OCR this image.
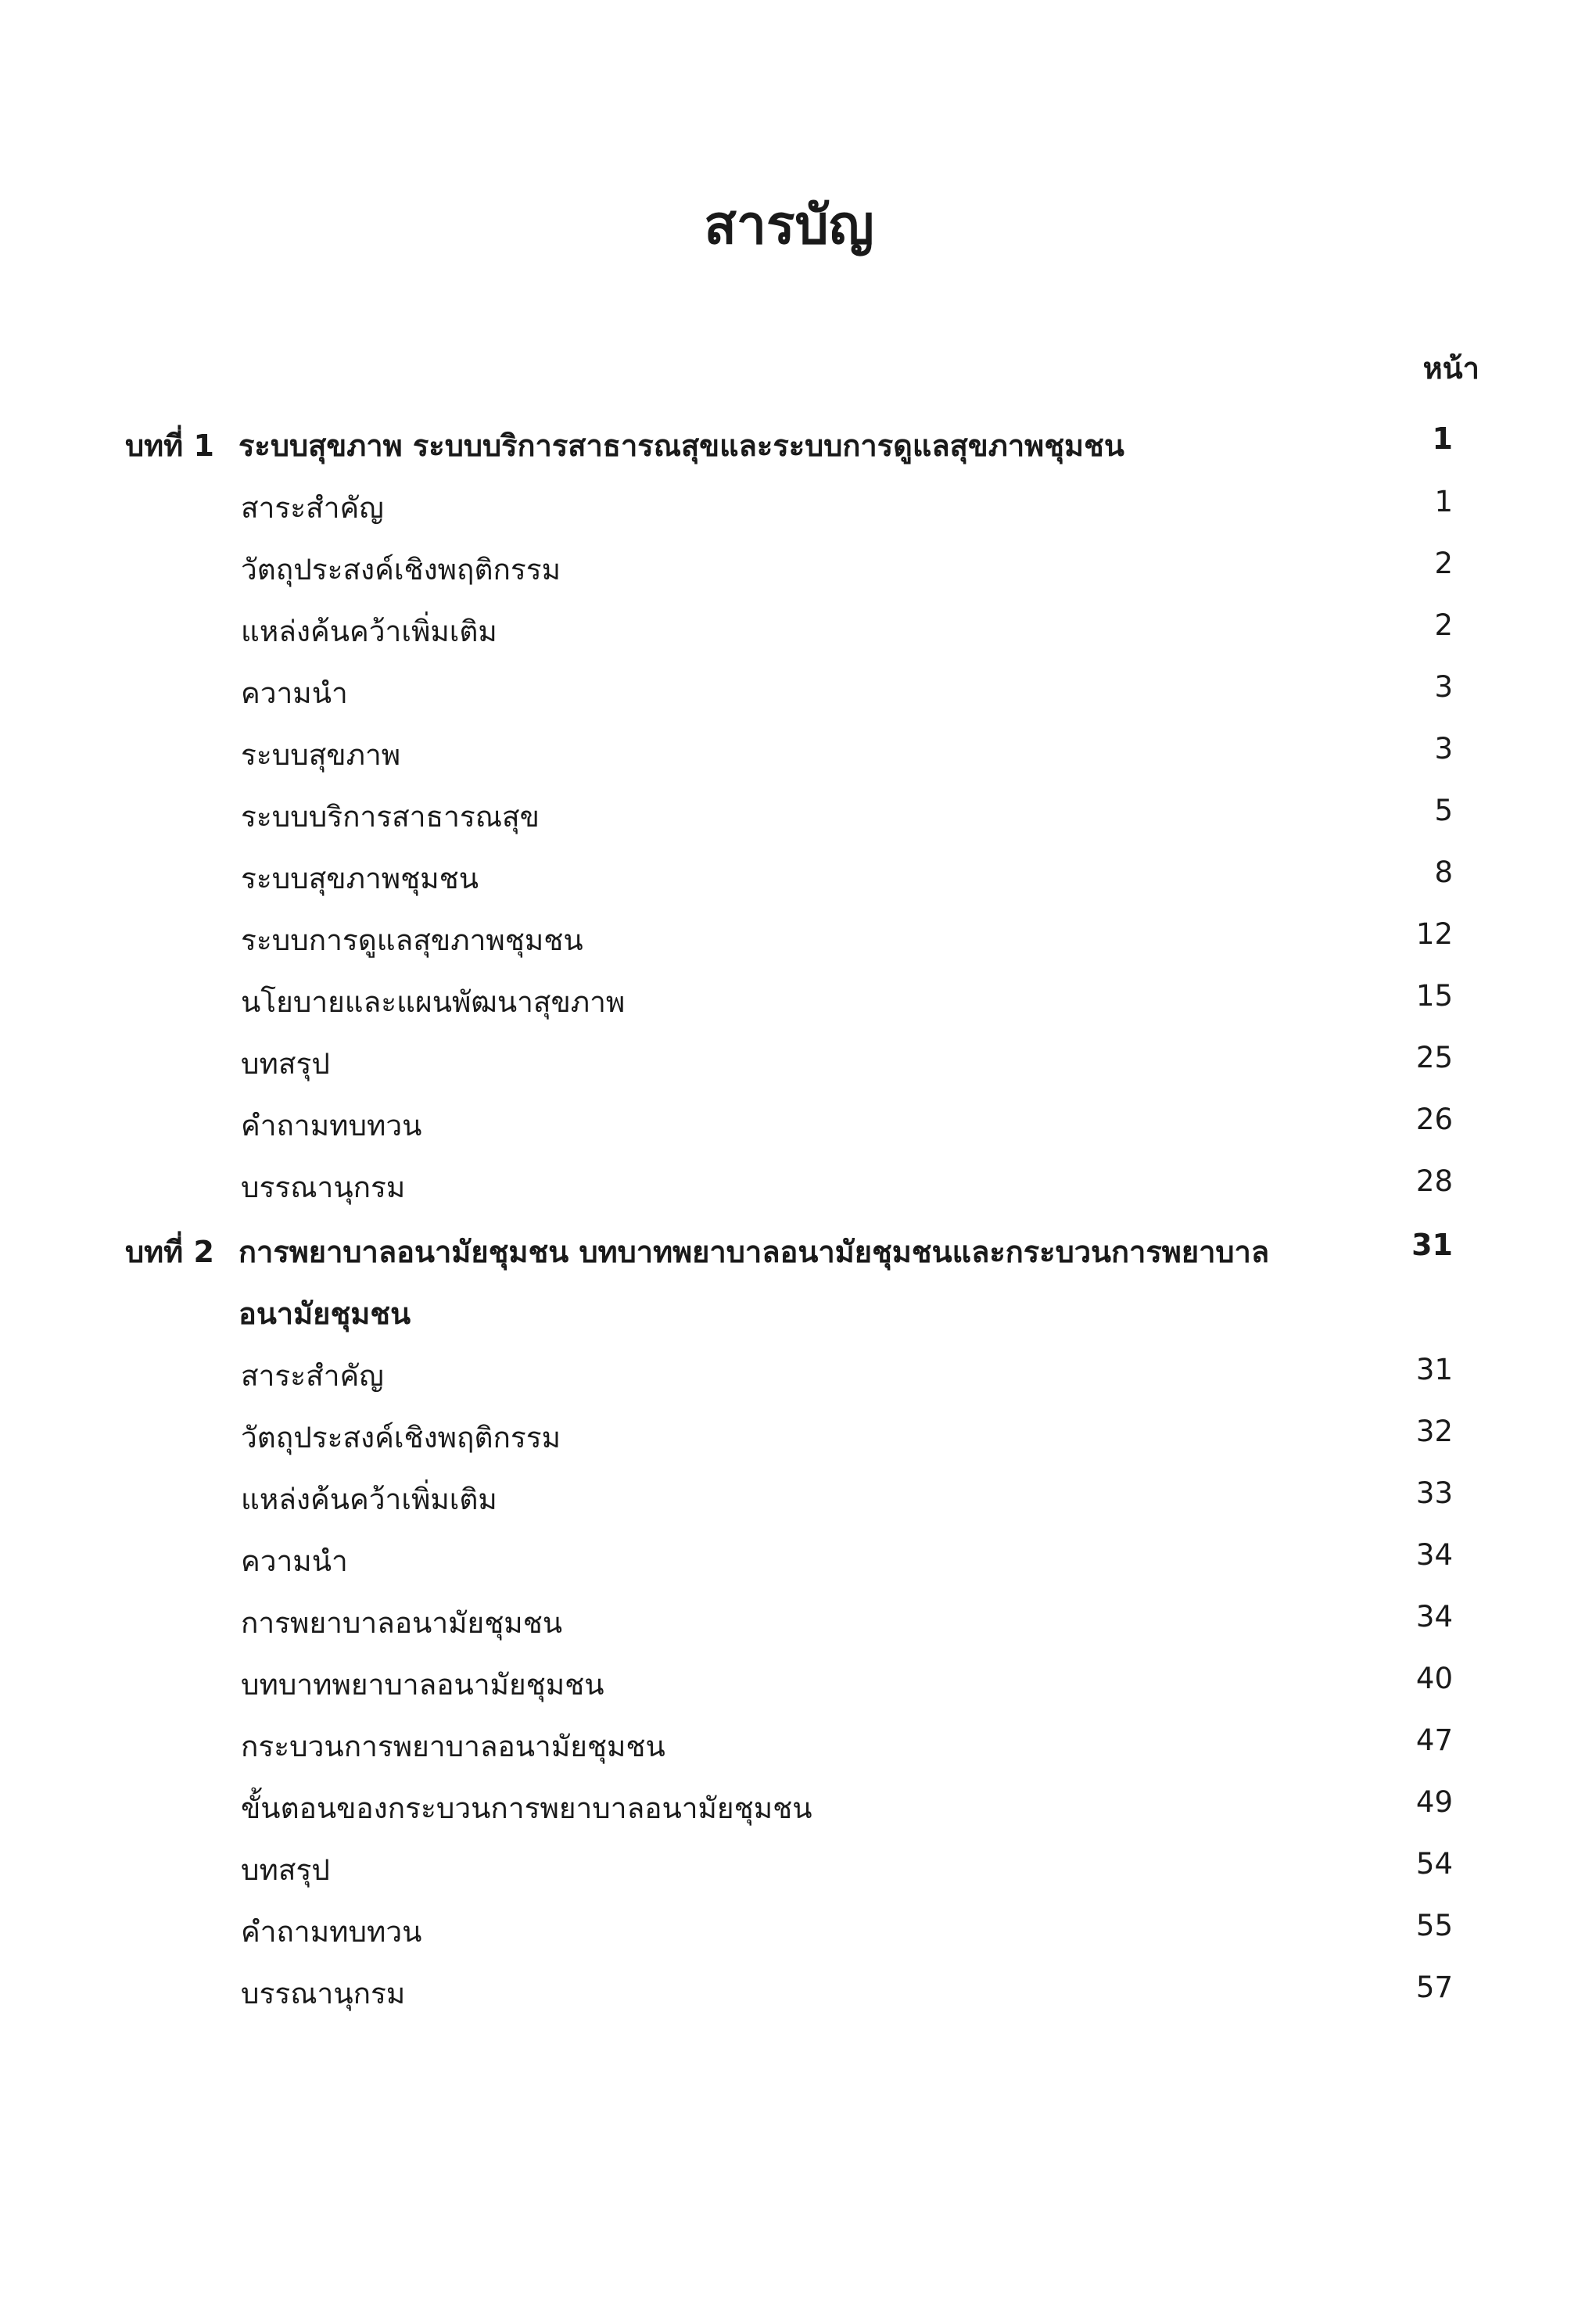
สารบัญ
หน้า
บทที่ 1 ระบบสุขภาพ ระบบบริการสาธารณสุขและระบบการดูแลสุขภาพชุมชน	1
สาระสำคัญ	1
วัตถุประสงค์เชิงพฤติกรรม	2
แหล่งค้นคว้าเพิ่มเติม	2
ความนำ	3
ระบบสุขภาพ	3
ระบบบริการสาธารณสุข	5
ระบบสุขภาพชุมชน	8
ระบบการดูแลสุขภาพชุมชน	12
นโยบายและแผนพัฒนาสุขภาพ	15
บทสรุป	25
คำถามทบทวน	26
บรรณานุกรม	28
บทที่ 2 การพยาบาลอนามัยชุมชน บทบาทพยาบาลอนามัยชุมชนและกระบวนการพยาบาล	31
อนามัยชุมชน
สาระสำคัญ	31
วัตถุประสงค์เชิงพฤติกรรม	32
แหล่งค้นคว้าเพิ่มเติม	33
ความนำ	34
การพยาบาลอนามัยชุมชน	34
บทบาทพยาบาลอนามัยชุมชน	40
กระบวนการพยาบาลอนามัยชุมชน	47
ขั้นตอนของกระบวนการพยาบาลอนามัยชุมชน	49
บทสรุป	54
คำถามทบทวน	55
บรรณานุกรม	57
